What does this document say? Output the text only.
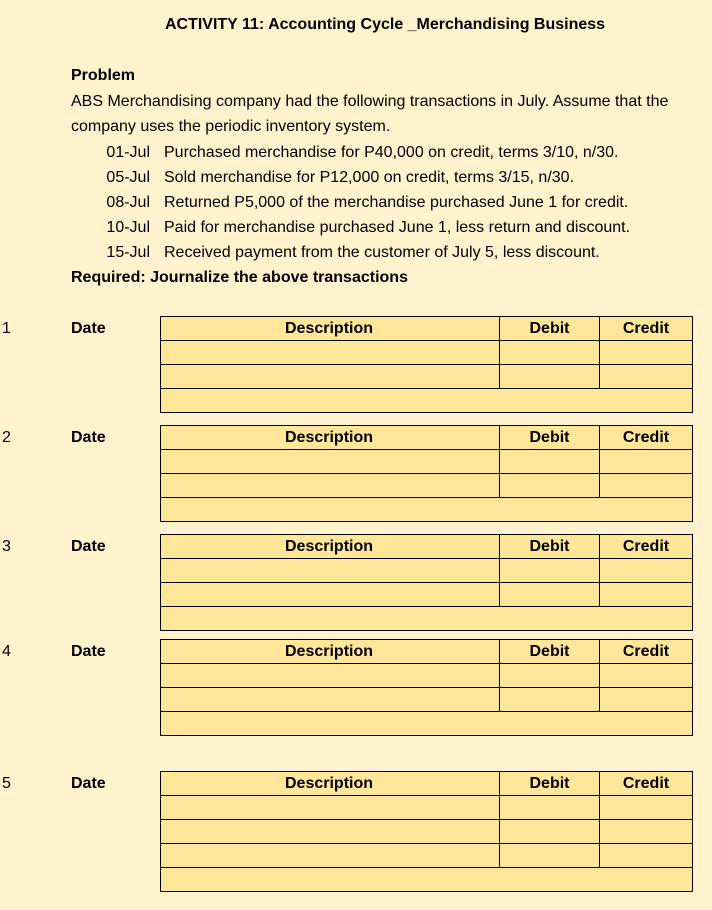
ACTIVITY 11: Accounting Cycle _Merchandising Business
Problem
ABS Merchandising company had the following transactions in July. Assume that the
company uses the periodic inventory system.
01-Jul Purchased merchandise for P40,000 on credit, terms 3/10, n/30.
05-Jul Sold merchandise for P12,000 on credit, terms 3/15, n/30.
08-Jul Returned P5,000 of the merchandise purchased June 1 for credit.
10-Jul Paid for merchandise purchased June 1, less return and discount.
15-Jul Received payment from the customer of July 5, less discount.
Required: Journalize the above transactions
1	Date	Description	Debit	Credit

2	Date	Description	Debit	Credit

3	Date	Description	Debit	Credit

4	Date	Description	Debit	Credit

5	Date	Description	Debit	Credit
